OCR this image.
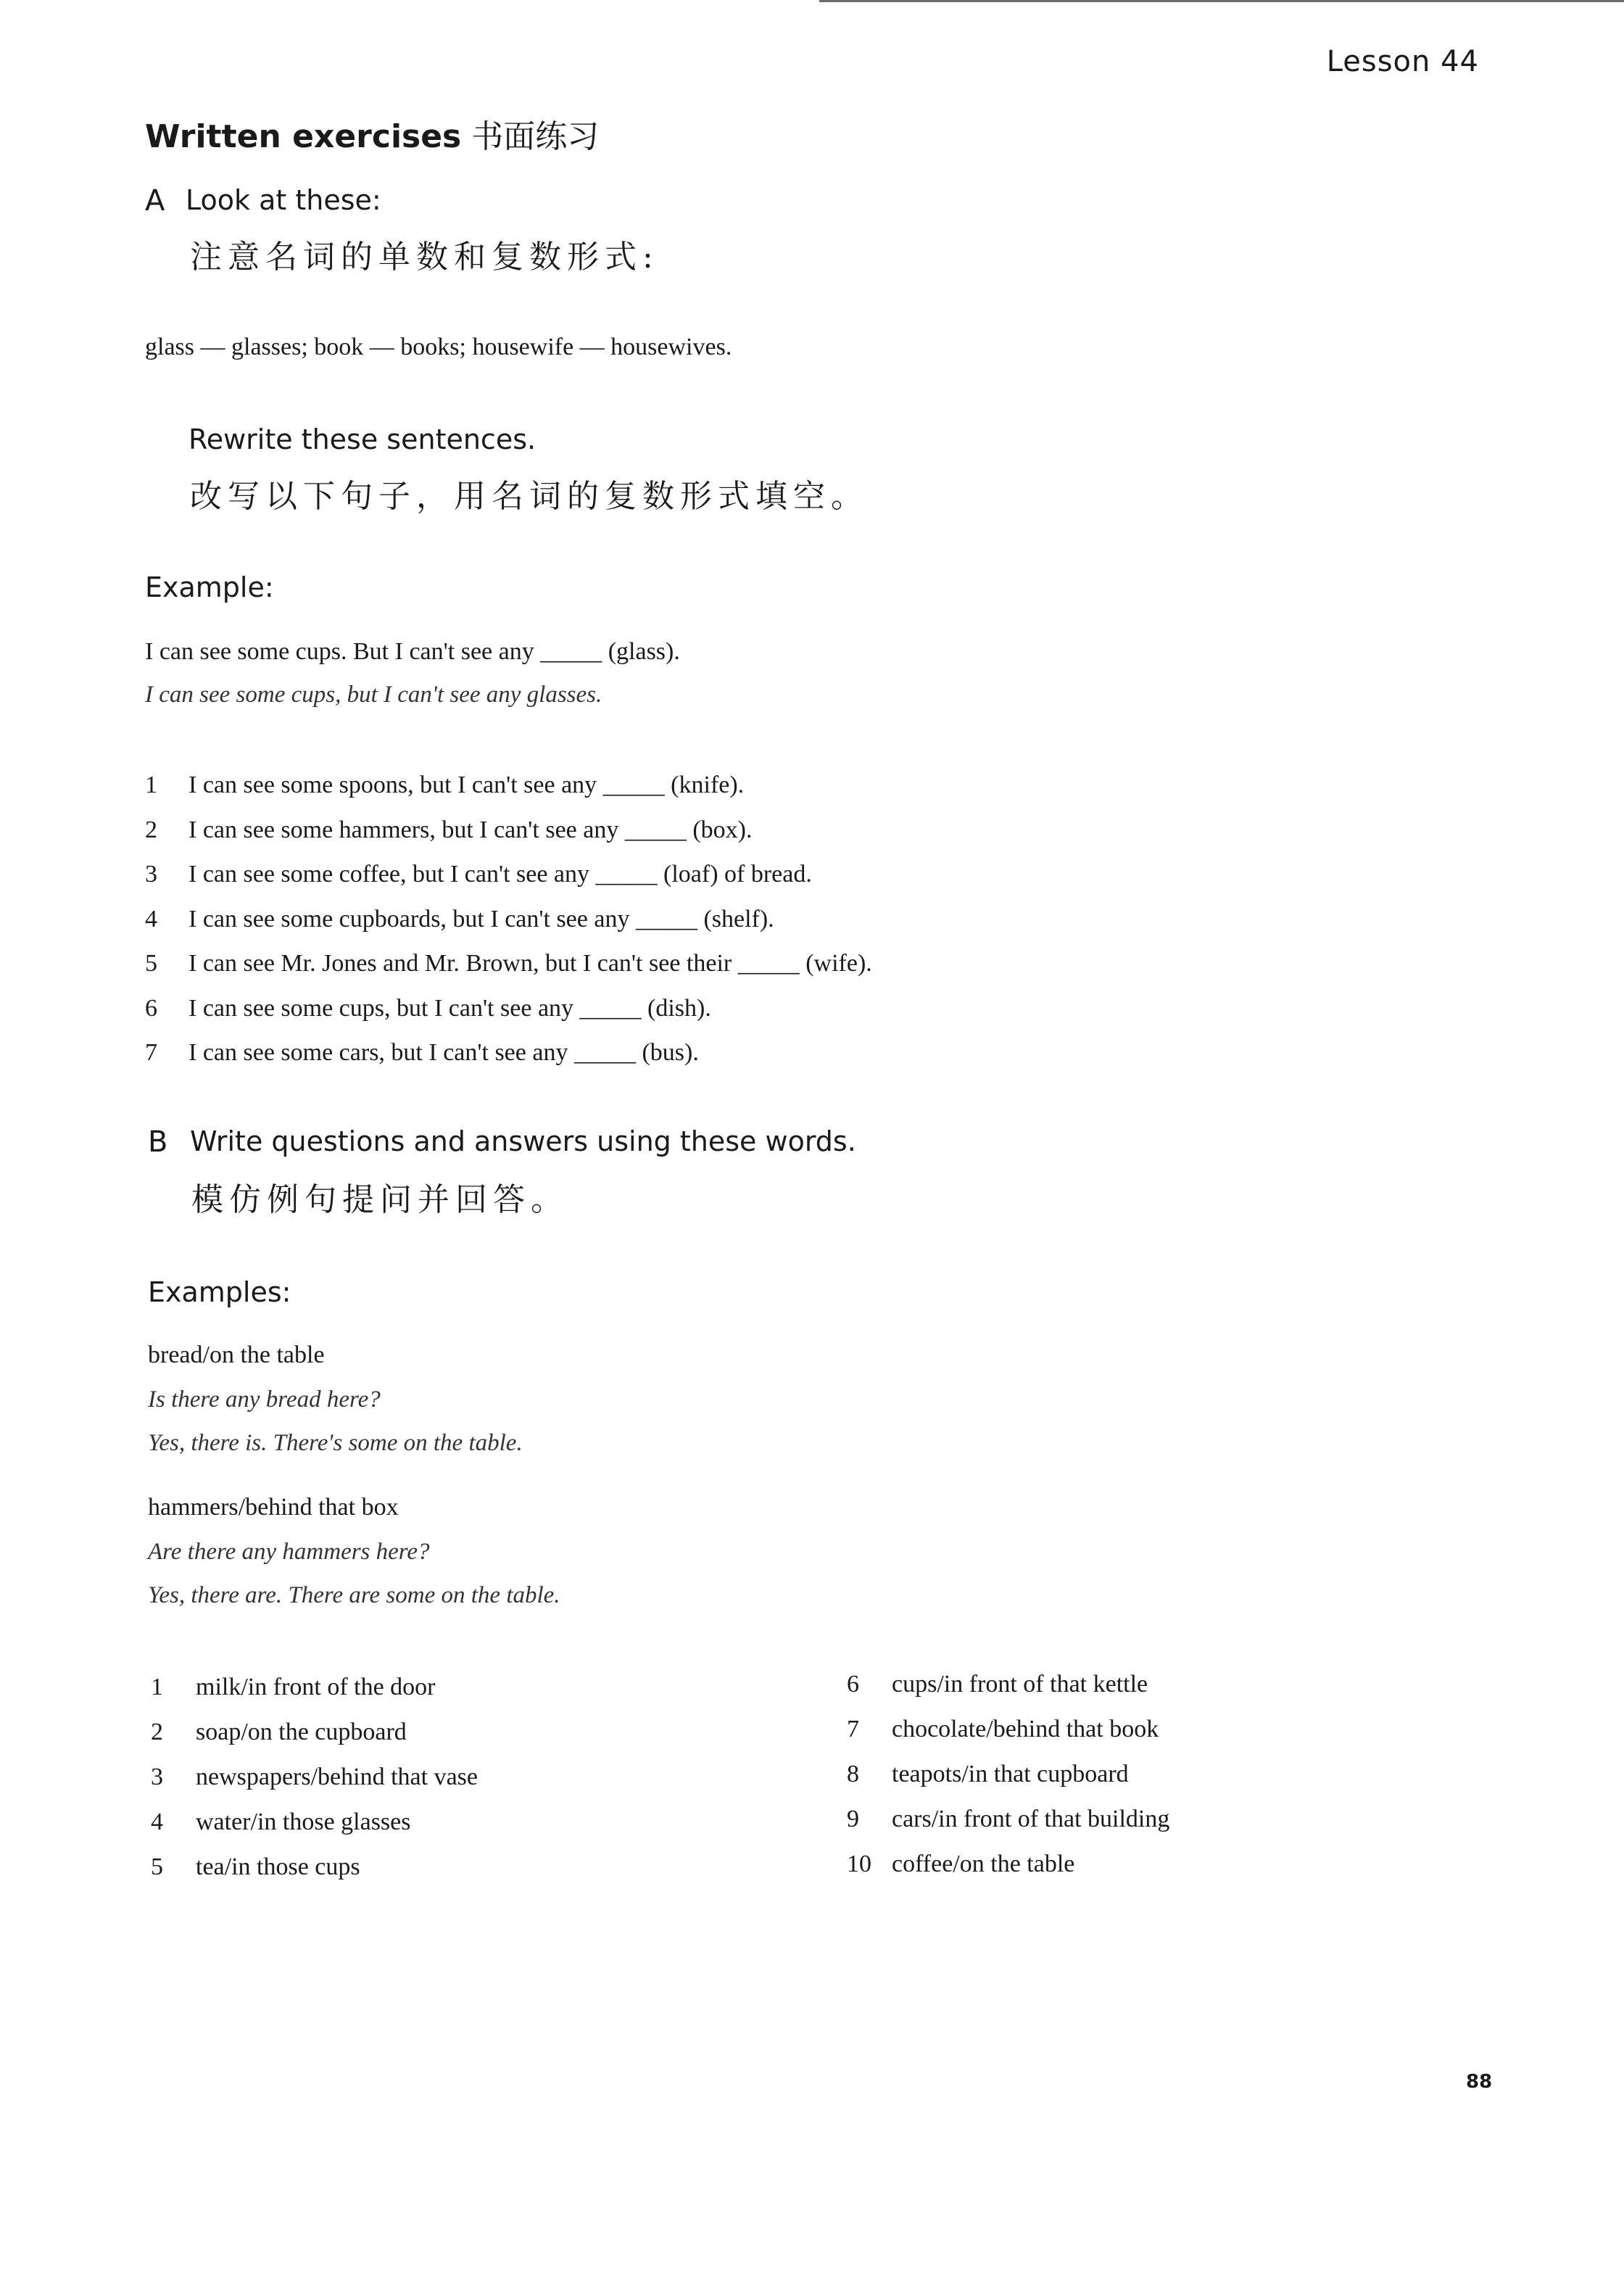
Lesson 44
Written exercises 书面练习
A Look at these:
注意名词的单数和复数形式:
glass — glasses; book — books; housewife — housewives.
Rewrite these sentences.
改写以下句子，用名词的复数形式填空。
Example:
I can see some cups. But I can't see any _____ (glass).
I can see some cups, but I can't see any glasses.
1 I can see some spoons, but I can't see any _____ (knife).
2 I can see some hammers, but I can't see any _____ (box).
3 I can see some coffee, but I can't see any _____ (loaf) of bread.
4 I can see some cupboards, but I can't see any _____ (shelf).
5 I can see Mr. Jones and Mr. Brown, but I can't see their _____ (wife).
6 I can see some cups, but I can't see any _____ (dish).
7 I can see some cars, but I can't see any _____ (bus).
B Write questions and answers using these words.
模仿例句提问并回答。
Examples:
bread/on the table
Is there any bread here?
Yes, there is. There's some on the table.
hammers/behind that box
Are there any hammers here?
Yes, there are. There are some on the table.
1 milk/in front of the door
2 soap/on the cupboard
3 newspapers/behind that vase
4 water/in those glasses
5 tea/in those cups
6 cups/in front of that kettle
7 chocolate/behind that book
8 teapots/in that cupboard
9 cars/in front of that building
10 coffee/on the table
88
